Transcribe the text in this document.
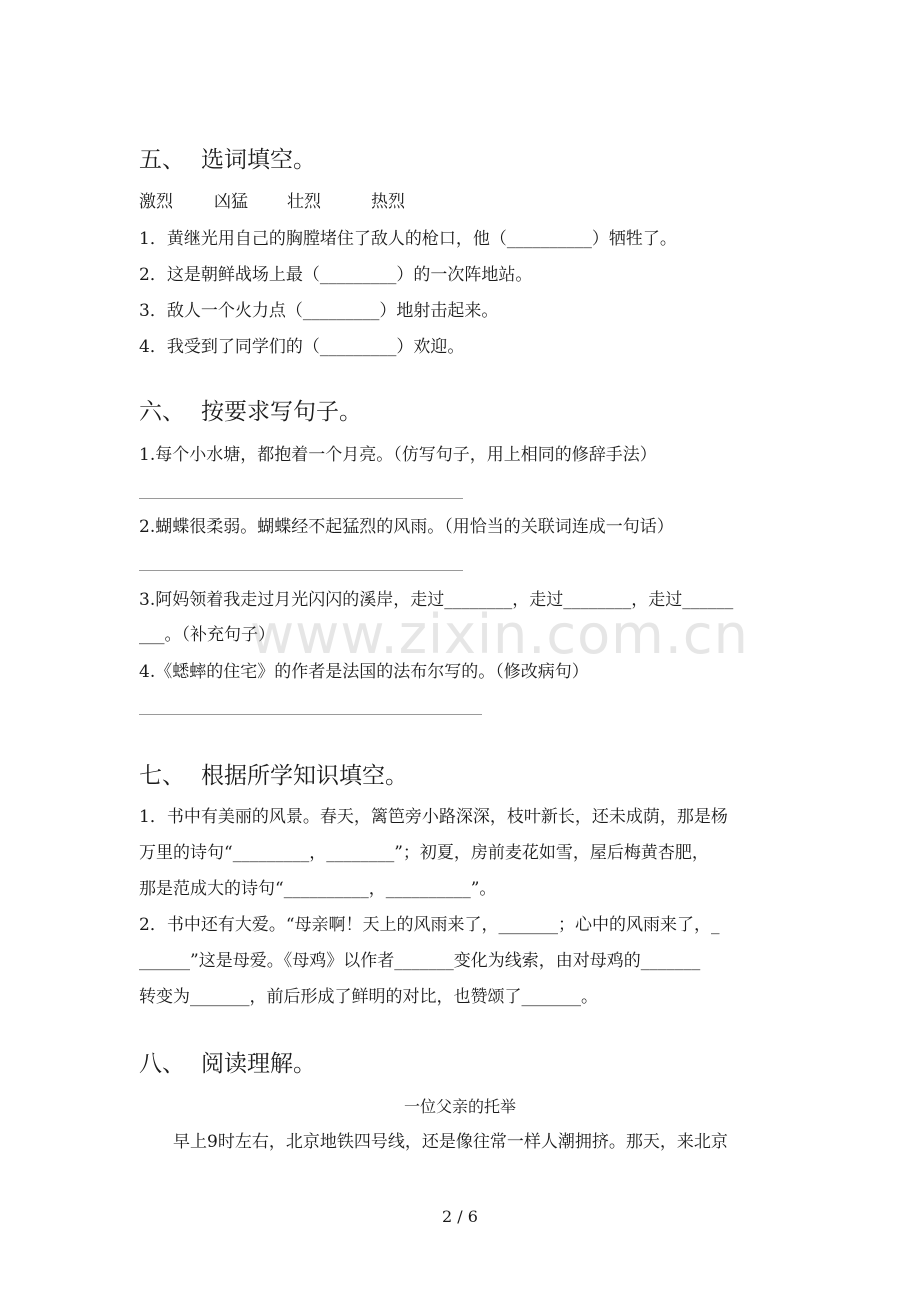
www.zixin.com.cn
五、 选词填空。
激烈 凶猛 壮烈	热烈
1．黄继光用自己的胸膛堵住了敌人的枪口，他（__________）牺牲了。
2．这是朝鲜战场上最（_________）的一次阵地站。
3．敌人一个火力点（_________）地射击起来。
4．我受到了同学们的（_________）欢迎。
六、 按要求写句子。
1.每个小水塘，都抱着一个月亮。（仿写句子，用上相同的修辞手法）
2.蝴蝶很柔弱。蝴蝶经不起猛烈的风雨。（用恰当的关联词连成一句话）
3.阿妈领着我走过月光闪闪的溪岸，走过________，走过________，走过______
___。（补充句子）
4.《蟋蟀的住宅》的作者是法国的法布尔写的。（修改病句）
七、 根据所学知识填空。
1．书中有美丽的风景。春天，篱笆旁小路深深，枝叶新长，还未成荫，那是杨
万里的诗句“_________，________”；初夏，房前麦花如雪，屋后梅黄杏肥，
那是范成大的诗句“__________，__________”。
2．书中还有大爱。“母亲啊！天上的风雨来了，_______；心中的风雨来了，_
______”这是母爱。《母鸡》以作者_______变化为线索，由对母鸡的_______
转变为_______，前后形成了鲜明的对比，也赞颂了_______。
八、 阅读理解。
一位父亲的托举
早上9时左右，北京地铁四号线，还是像往常一样人潮拥挤。那天，来北京
2 / 6
